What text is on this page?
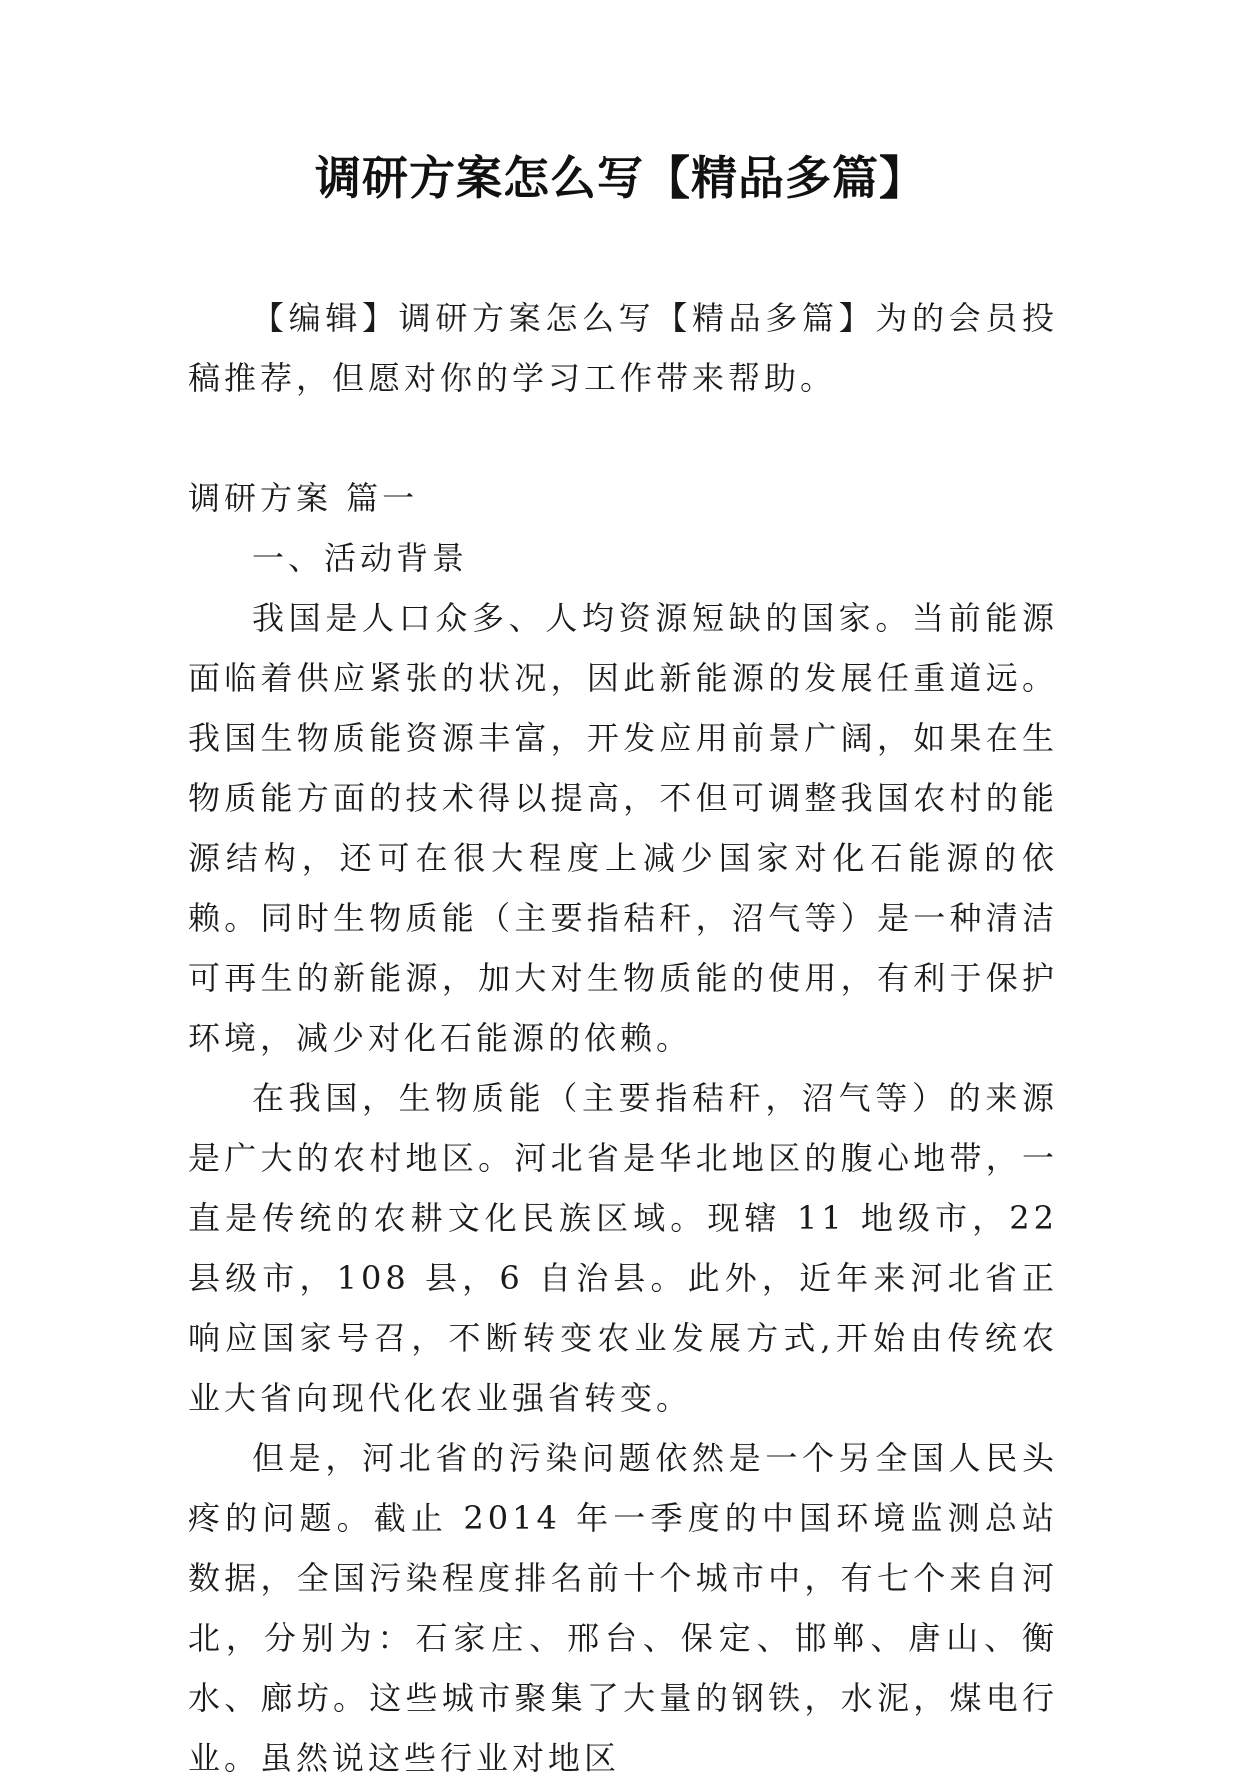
调研方案怎么写【精品多篇】

【编辑】调研方案怎么写【精品多篇】为的会员投稿推荐，但愿对你的学习工作带来帮助。

调研方案 篇一

一、活动背景

我国是人口众多、人均资源短缺的国家。当前能源面临着供应紧张的状况，因此新能源的发展任重道远。我国生物质能资源丰富，开发应用前景广阔，如果在生物质能方面的技术得以提高，不但可调整我国农村的能源结构，还可在很大程度上减少国家对化石能源的依赖。同时生物质能（主要指秸秆，沼气等）是一种清洁可再生的新能源，加大对生物质能的使用，有利于保护环境，减少对化石能源的依赖。

在我国，生物质能（主要指秸秆，沼气等）的来源是广大的农村地区。河北省是华北地区的腹心地带，一直是传统的农耕文化民族区域。现辖 11 地级市，22 县级市，108 县，6 自治县。此外，近年来河北省正响应国家号召，不断转变农业发展方式,开始由传统农业大省向现代化农业强省转变。

但是，河北省的污染问题依然是一个另全国人民头疼的问题。截止 2014 年一季度的中国环境监测总站数据，全国污染程度排名前十个城市中，有七个来自河北，分别为：石家庄、邢台、保定、邯郸、唐山、衡水、廊坊。这些城市聚集了大量的钢铁，水泥，煤电行业。虽然说这些行业对地区
